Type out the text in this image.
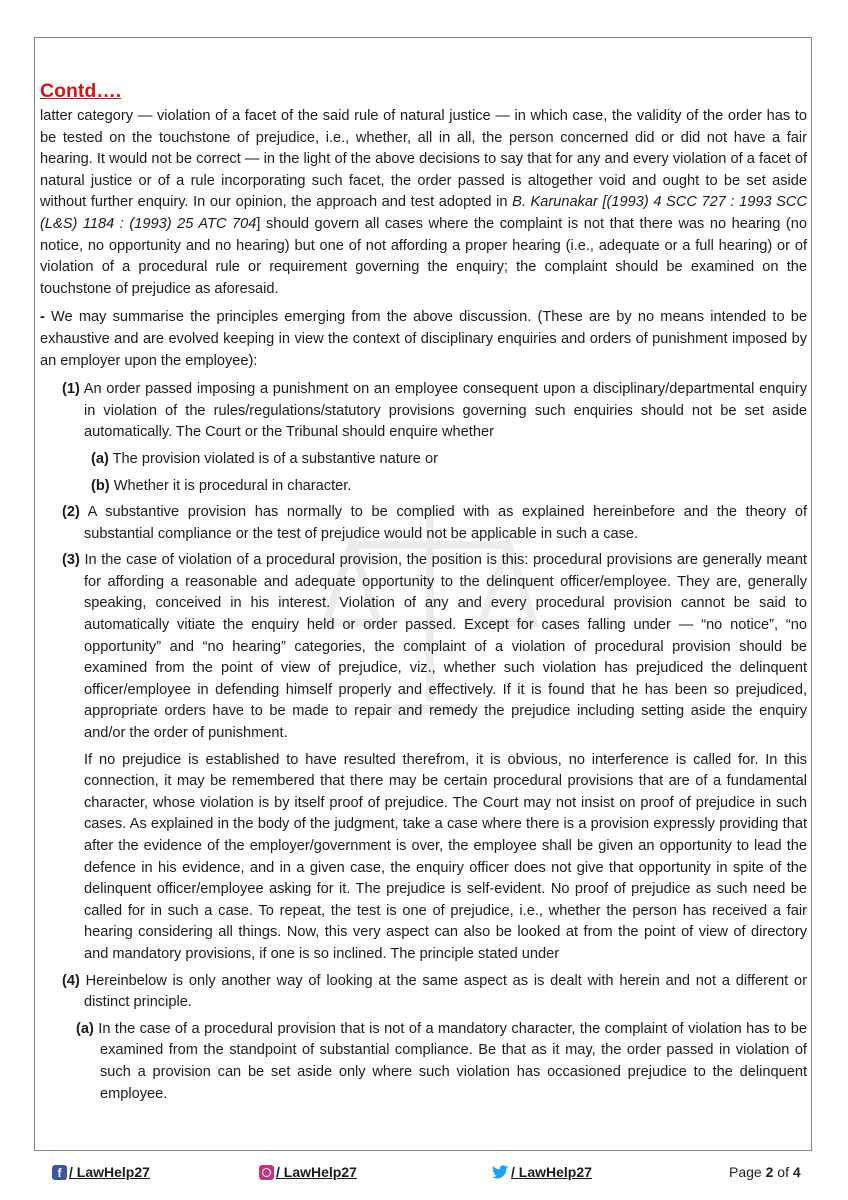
Contd….

latter category — violation of a facet of the said rule of natural justice — in which case, the validity of the order has to be tested on the touchstone of prejudice, i.e., whether, all in all, the person concerned did or did not have a fair hearing. It would not be correct — in the light of the above decisions to say that for any and every violation of a facet of natural justice or of a rule incorporating such facet, the order passed is altogether void and ought to be set aside without further enquiry. In our opinion, the approach and test adopted in B. Karunakar [(1993) 4 SCC 727 : 1993 SCC (L&S) 1184 : (1993) 25 ATC 704] should govern all cases where the complaint is not that there was no hearing (no notice, no opportunity and no hearing) but one of not affording a proper hearing (i.e., adequate or a full hearing) or of violation of a procedural rule or requirement governing the enquiry; the complaint should be examined on the touchstone of prejudice as aforesaid.

- We may summarise the principles emerging from the above discussion. (These are by no means intended to be exhaustive and are evolved keeping in view the context of disciplinary enquiries and orders of punishment imposed by an employer upon the employee):

(1) An order passed imposing a punishment on an employee consequent upon a disciplinary/departmental enquiry in violation of the rules/regulations/statutory provisions governing such enquiries should not be set aside automatically. The Court or the Tribunal should enquire whether

(a) The provision violated is of a substantive nature or

(b) Whether it is procedural in character.

(2) A substantive provision has normally to be complied with as explained hereinbefore and the theory of substantial compliance or the test of prejudice would not be applicable in such a case.

(3) In the case of violation of a procedural provision, the position is this: procedural provisions are generally meant for affording a reasonable and adequate opportunity to the delinquent officer/employee. They are, generally speaking, conceived in his interest. Violation of any and every procedural provision cannot be said to automatically vitiate the enquiry held or order passed. Except for cases falling under — “no notice”, “no opportunity” and “no hearing” categories, the complaint of a violation of procedural provision should be examined from the point of view of prejudice, viz., whether such violation has prejudiced the delinquent officer/employee in defending himself properly and effectively. If it is found that he has been so prejudiced, appropriate orders have to be made to repair and remedy the prejudice including setting aside the enquiry and/or the order of punishment.

If no prejudice is established to have resulted therefrom, it is obvious, no interference is called for. In this connection, it may be remembered that there may be certain procedural provisions that are of a fundamental character, whose violation is by itself proof of prejudice. The Court may not insist on proof of prejudice in such cases. As explained in the body of the judgment, take a case where there is a provision expressly providing that after the evidence of the employer/government is over, the employee shall be given an opportunity to lead the defence in his evidence, and in a given case, the enquiry officer does not give that opportunity in spite of the delinquent officer/employee asking for it. The prejudice is self-evident. No proof of prejudice as such need be called for in such a case. To repeat, the test is one of prejudice, i.e., whether the person has received a fair hearing considering all things. Now, this very aspect can also be looked at from the point of view of directory and mandatory provisions, if one is so inclined. The principle stated under

(4) Hereinbelow is only another way of looking at the same aspect as is dealt with herein and not a different or distinct principle.

(a) In the case of a procedural provision that is not of a mandatory character, the complaint of violation has to be examined from the standpoint of substantial compliance. Be that as it may, the order passed in violation of such a provision can be set aside only where such violation has occasioned prejudice to the delinquent employee.

f / LawHelp27	/ LawHelp27	/ LawHelp27	Page 2 of 4
